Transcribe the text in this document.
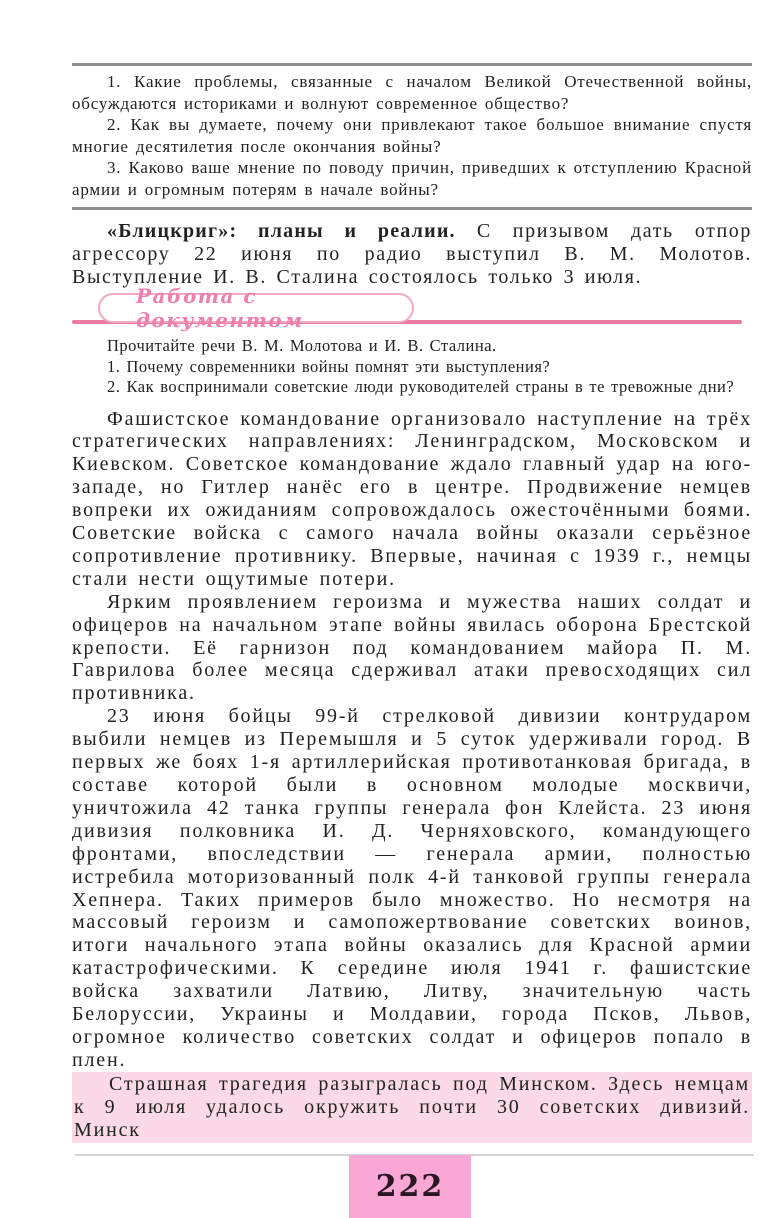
1. Какие проблемы, связанные с началом Великой Отечественной войны, обсуждаются историками и волнуют современное общество?

2. Как вы думаете, почему они привлекают такое большое внимание спустя многие десятилетия после окончания войны?

3. Каково ваше мнение по поводу причин, приведших к отступлению Красной армии и огромным потерям в начале войны?

«Блицкриг»: планы и реалии. С призывом дать отпор агрессору 22 июня по радио выступил В. М. Молотов. Выступление И. В. Сталина состоялось только 3 июля.

Работа с документом

Прочитайте речи В. М. Молотова и И. В. Сталина.

1. Почему современники войны помнят эти выступления?

2. Как воспринимали советские люди руководителей страны в те тревожные дни?

Фашистское командование организовало наступление на трёх стратегических направлениях: Ленинградском, Московском и Киевском. Советское командование ждало главный удар на юго-западе, но Гитлер нанёс его в центре. Продвижение немцев вопреки их ожиданиям сопровождалось ожесточёнными боями. Советские войска с самого начала войны оказали серьёзное сопротивление противнику. Впервые, начиная с 1939 г., немцы стали нести ощутимые потери.

Ярким проявлением героизма и мужества наших солдат и офицеров на начальном этапе войны явилась оборона Брестской крепости. Её гарнизон под командованием майора П. М. Гаврилова более месяца сдерживал атаки превосходящих сил противника.

23 июня бойцы 99-й стрелковой дивизии контрударом выбили немцев из Перемышля и 5 суток удерживали город. В первых же боях 1-я артиллерийская противотанковая бригада, в составе которой были в основном молодые москвичи, уничтожила 42 танка группы генерала фон Клейста. 23 июня дивизия полковника И. Д. Черняховского, командующего фронтами, впоследствии — генерала армии, полностью истребила моторизованный полк 4-й танковой группы генерала Хепнера. Таких примеров было множество. Но несмотря на массовый героизм и самопожертвование советских воинов, итоги начального этапа войны оказались для Красной армии катастрофическими. К середине июля 1941 г. фашистские войска захватили Латвию, Литву, значительную часть Белоруссии, Украины и Молдавии, города Псков, Львов, огромное количество советских солдат и офицеров попало в плен.

Страшная трагедия разыгралась под Минском. Здесь немцам к 9 июля удалось окружить почти 30 советских дивизий. Минск

222
